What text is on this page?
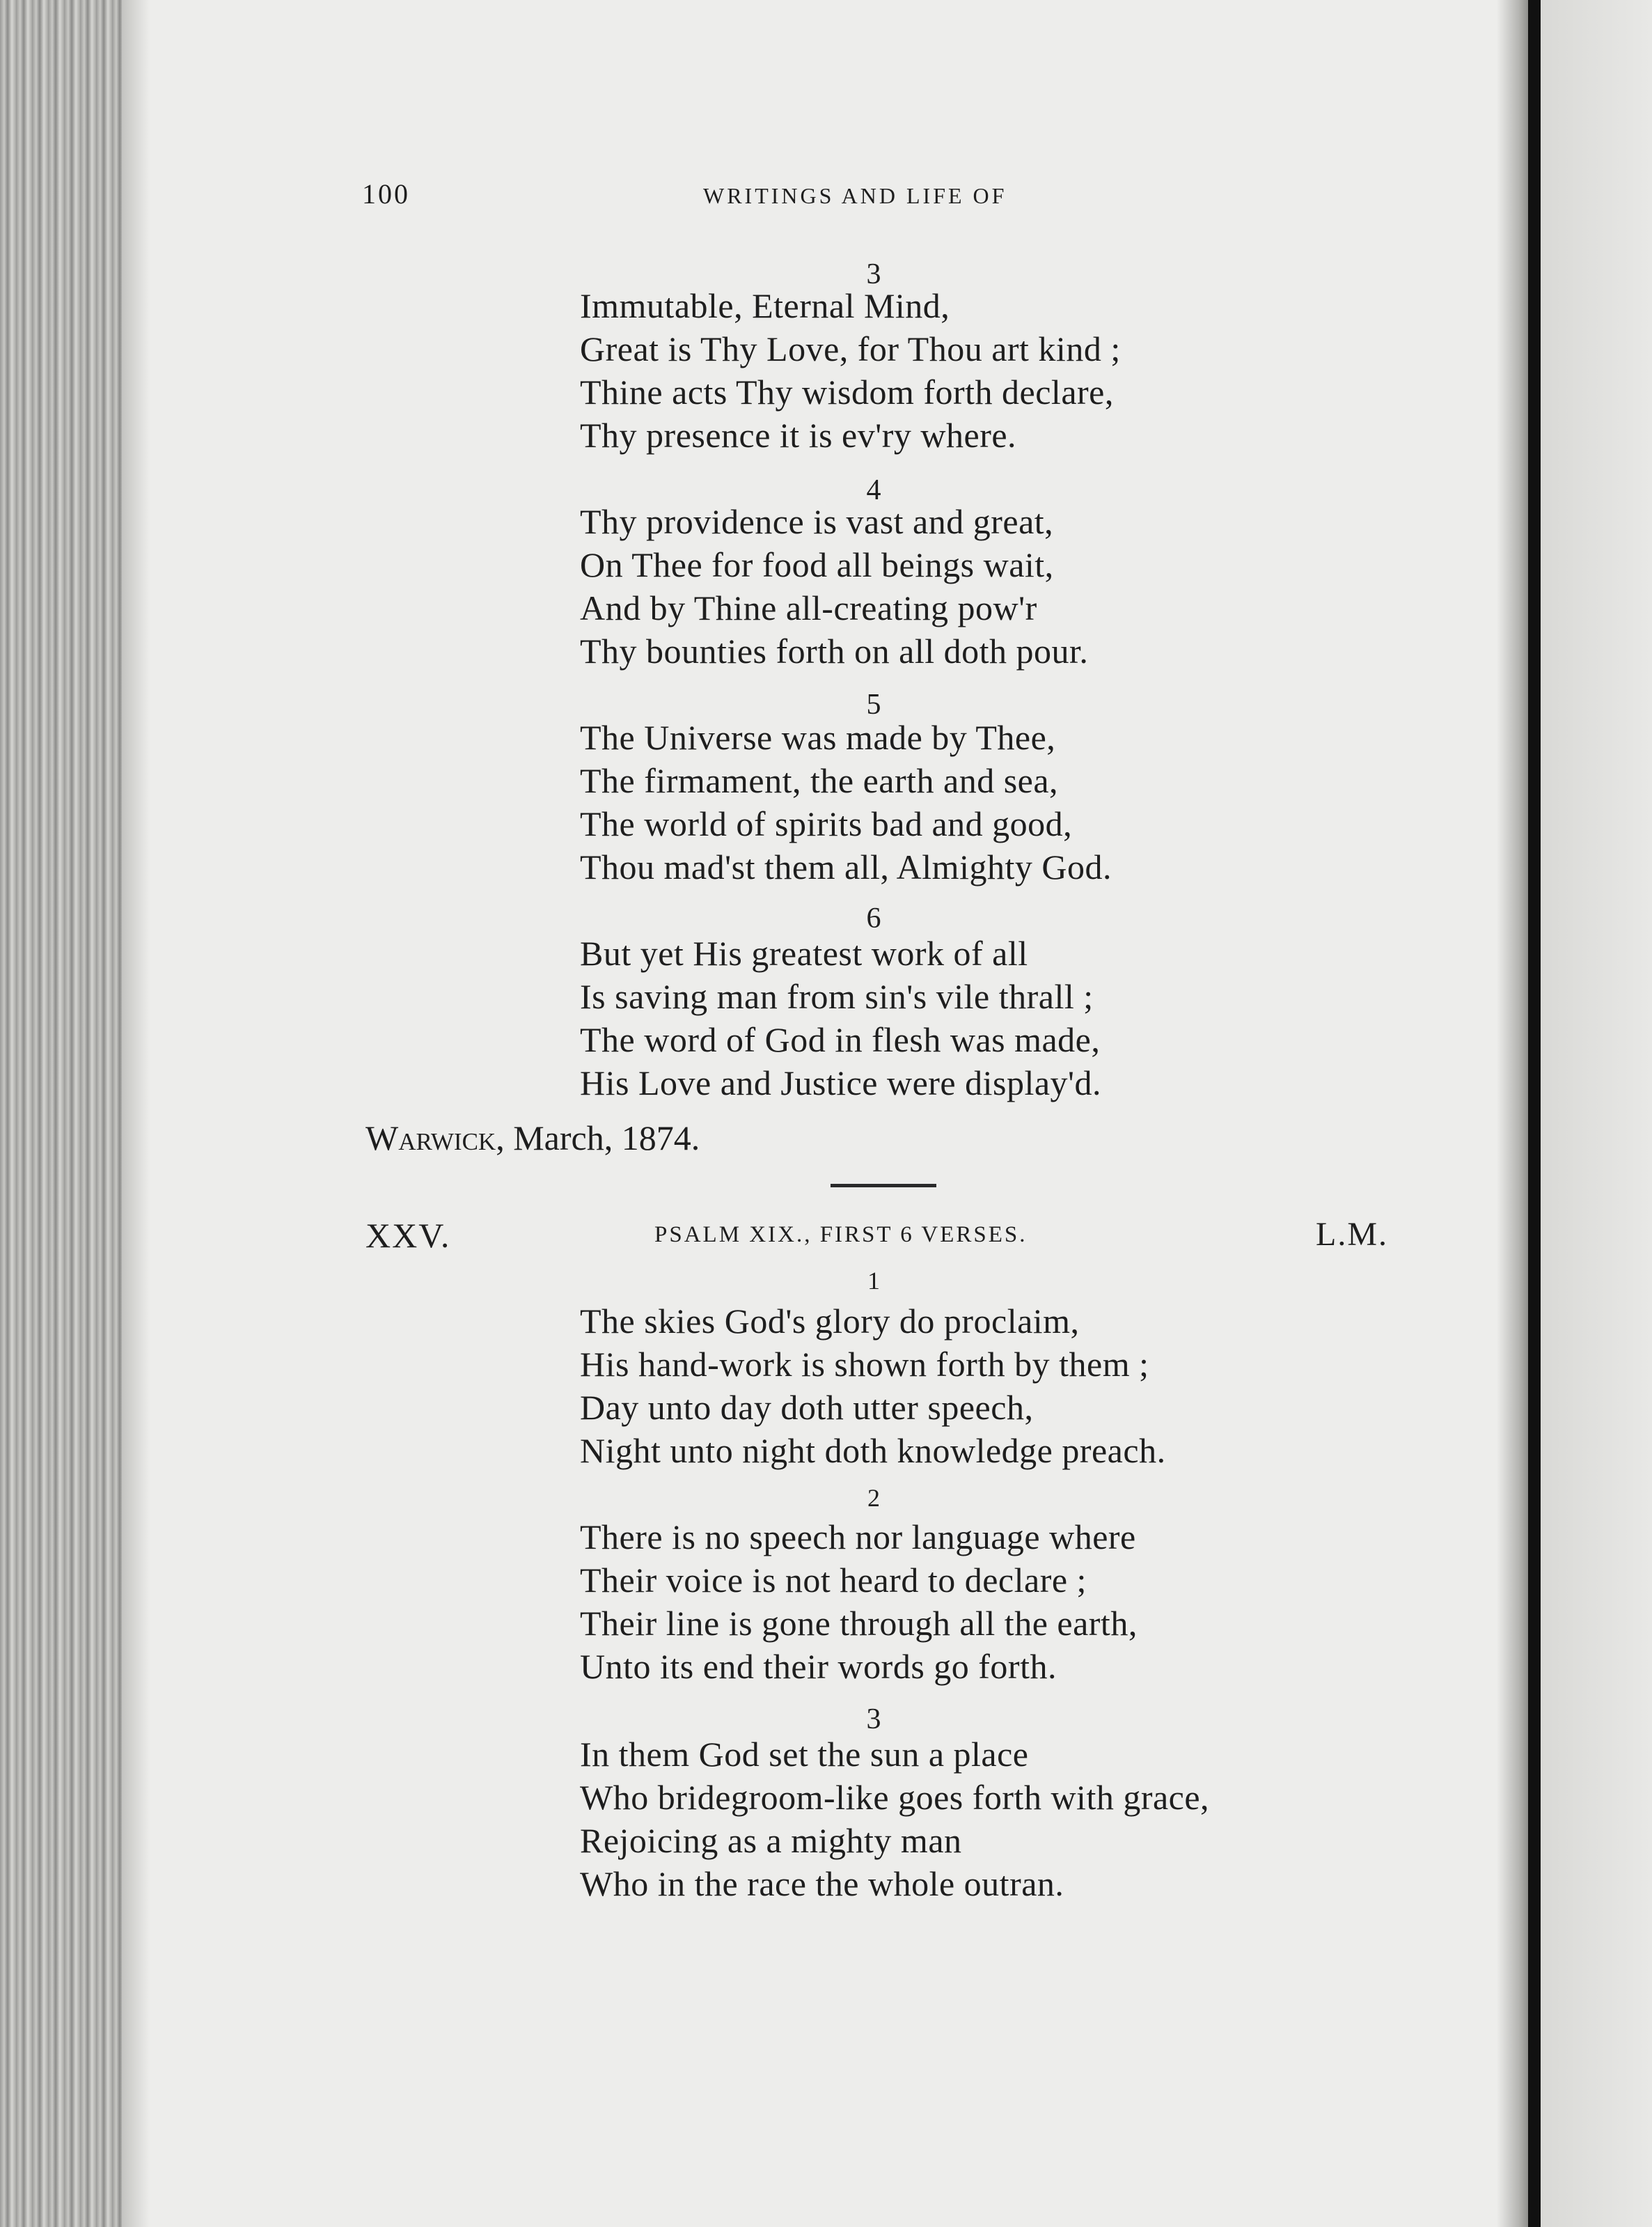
100	WRITINGS AND LIFE OF
3
Immutable, Eternal Mind,
Great is Thy Love, for Thou art kind ;
Thine acts Thy wisdom forth declare,
Thy presence it is ev'ry where.
4
Thy providence is vast and great,
On Thee for food all beings wait,
And by Thine all-creating pow'r
Thy bounties forth on all doth pour.
5
The Universe was made by Thee,
The firmament, the earth and sea,
The world of spirits bad and good,
Thou mad'st them all, Almighty God.
6
But yet His greatest work of all
Is saving man from sin's vile thrall ;
The word of God in flesh was made,
His Love and Justice were display'd.
Warwick, March, 1874.
XXV.	PSALM XIX., FIRST 6 VERSES.	L.M.
1
The skies God's glory do proclaim,
His hand-work is shown forth by them ;
Day unto day doth utter speech,
Night unto night doth knowledge preach.
2
There is no speech nor language where
Their voice is not heard to declare ;
Their line is gone through all the earth,
Unto its end their words go forth.
3
In them God set the sun a place
Who bridegroom-like goes forth with grace,
Rejoicing as a mighty man
Who in the race the whole outran.
